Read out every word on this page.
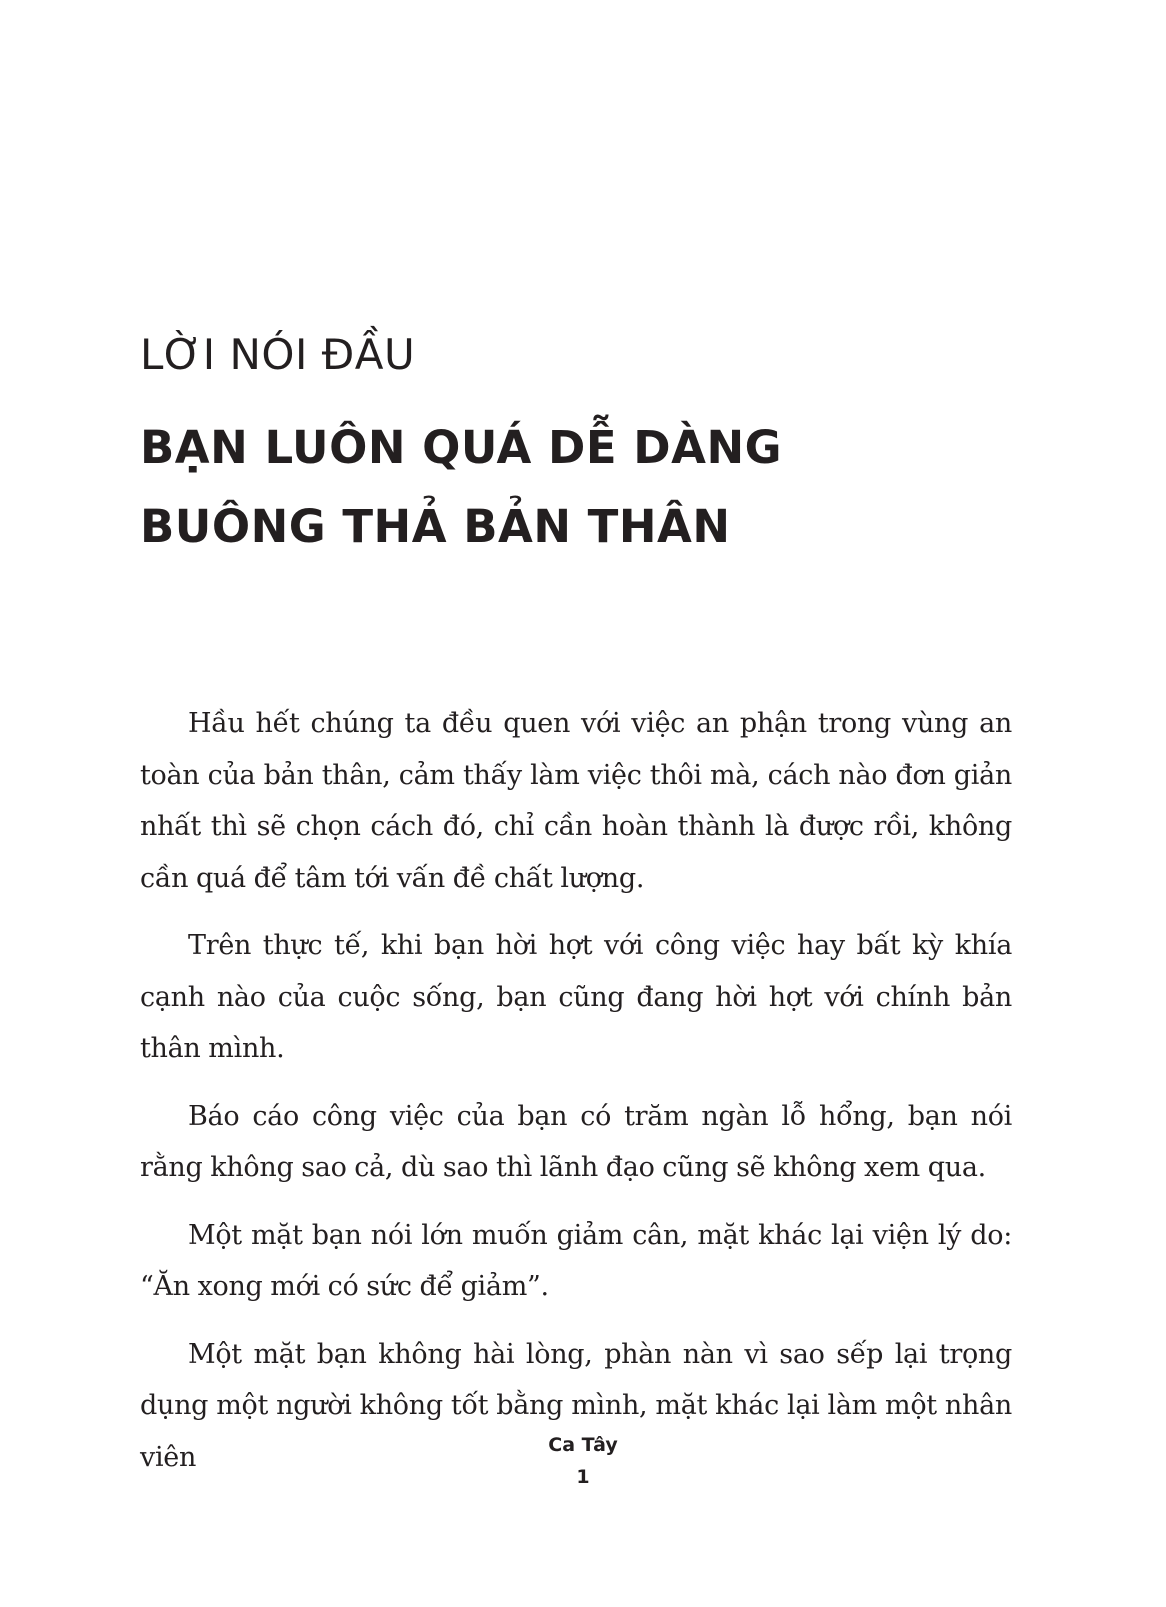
LỜI NÓI ĐẦU
BẠN LUÔN QUÁ DỄ DÀNG
BUÔNG THẢ BẢN THÂN

Hầu hết chúng ta đều quen với việc an phận trong vùng an toàn của bản thân, cảm thấy làm việc thôi mà, cách nào đơn giản nhất thì sẽ chọn cách đó, chỉ cần hoàn thành là được rồi, không cần quá để tâm tới vấn đề chất lượng.

Trên thực tế, khi bạn hời hợt với công việc hay bất kỳ khía cạnh nào của cuộc sống, bạn cũng đang hời hợt với chính bản thân mình.

Báo cáo công việc của bạn có trăm ngàn lỗ hổng, bạn nói rằng không sao cả, dù sao thì lãnh đạo cũng sẽ không xem qua.

Một mặt bạn nói lớn muốn giảm cân, mặt khác lại viện lý do: “Ăn xong mới có sức để giảm”.

Một mặt bạn không hài lòng, phàn nàn vì sao sếp lại trọng dụng một người không tốt bằng mình, mặt khác lại làm một nhân viên	Ca Tây
1
